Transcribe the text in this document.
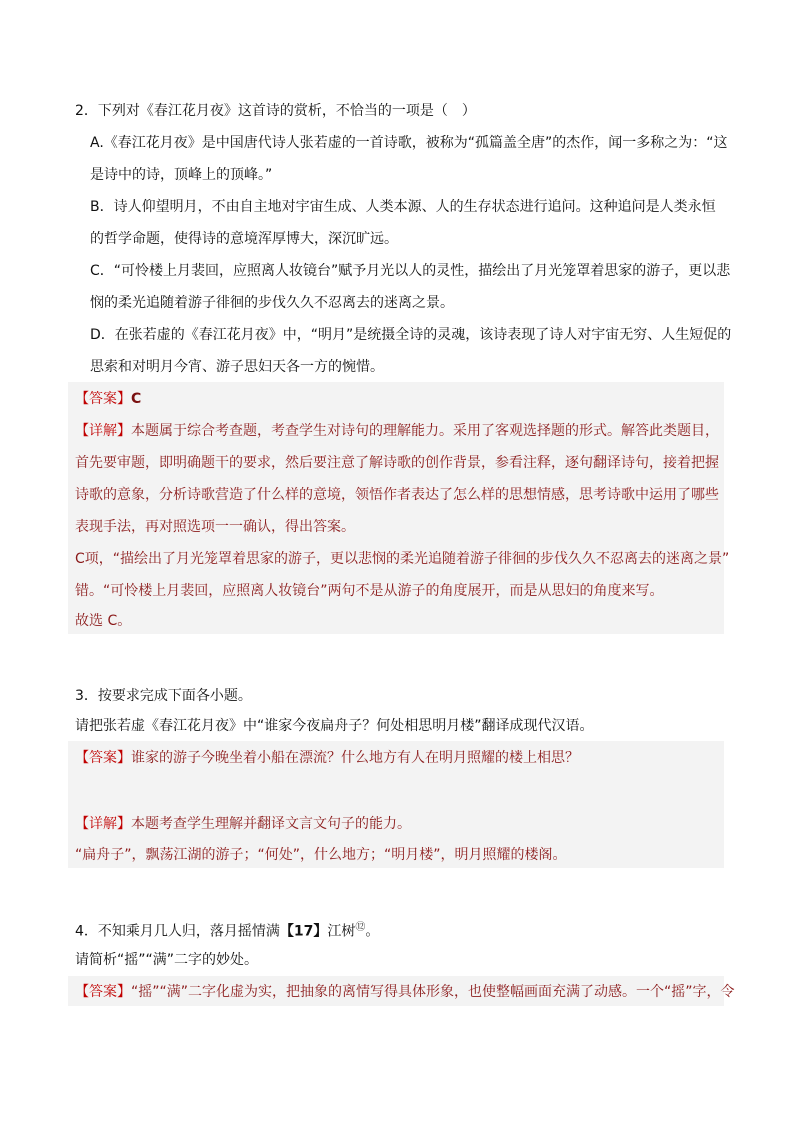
2．下列对《春江花月夜》这首诗的赏析，不恰当的一项是（　）
A.《春江花月夜》是中国唐代诗人张若虚的一首诗歌，被称为“孤篇盖全唐”的杰作，闻一多称之为：“这
是诗中的诗，顶峰上的顶峰。”
B．诗人仰望明月，不由自主地对宇宙生成、人类本源、人的生存状态进行追问。这种追问是人类永恒
的哲学命题，使得诗的意境浑厚博大，深沉旷远。
C．“可怜楼上月裴回，应照离人妆镜台”赋予月光以人的灵性，描绘出了月光笼罩着思家的游子，更以悲
悯的柔光追随着游子徘徊的步伐久久不忍离去的迷离之景。
D．在张若虚的《春江花月夜》中，“明月”是统摄全诗的灵魂，该诗表现了诗人对宇宙无穷、人生短促的
思索和对明月今宵、游子思妇天各一方的惋惜。
【答案】C
【详解】本题属于综合考查题，考查学生对诗句的理解能力。采用了客观选择题的形式。解答此类题目，
首先要审题，即明确题干的要求，然后要注意了解诗歌的创作背景，参看注释，逐句翻译诗句，接着把握
诗歌的意象，分析诗歌营造了什么样的意境，领悟作者表达了怎么样的思想情感，思考诗歌中运用了哪些
表现手法，再对照选项一一确认，得出答案。
C项，“描绘出了月光笼罩着思家的游子，更以悲悯的柔光追随着游子徘徊的步伐久久不忍离去的迷离之景”
错。“可怜楼上月裴回，应照离人妆镜台”两句不是从游子的角度展开，而是从思妇的角度来写。
故选 C。
3．按要求完成下面各小题。
请把张若虚《春江花月夜》中“谁家今夜扁舟子？何处相思明月楼”翻译成现代汉语。
【答案】谁家的游子今晚坐着小船在漂流？什么地方有人在明月照耀的楼上相思？
【详解】本题考查学生理解并翻译文言文句子的能力。
“扁舟子”，飘荡江湖的游子；“何处”，什么地方；“明月楼”，明月照耀的楼阁。
4．不知乘月几人归，落月摇情满【17】江树⑫。
请简析“摇”“满”二字的妙处。
【答案】“摇”“满”二字化虚为实，把抽象的离情写得具体形象，也使整幅画面充满了动感。一个“摇”字，令
